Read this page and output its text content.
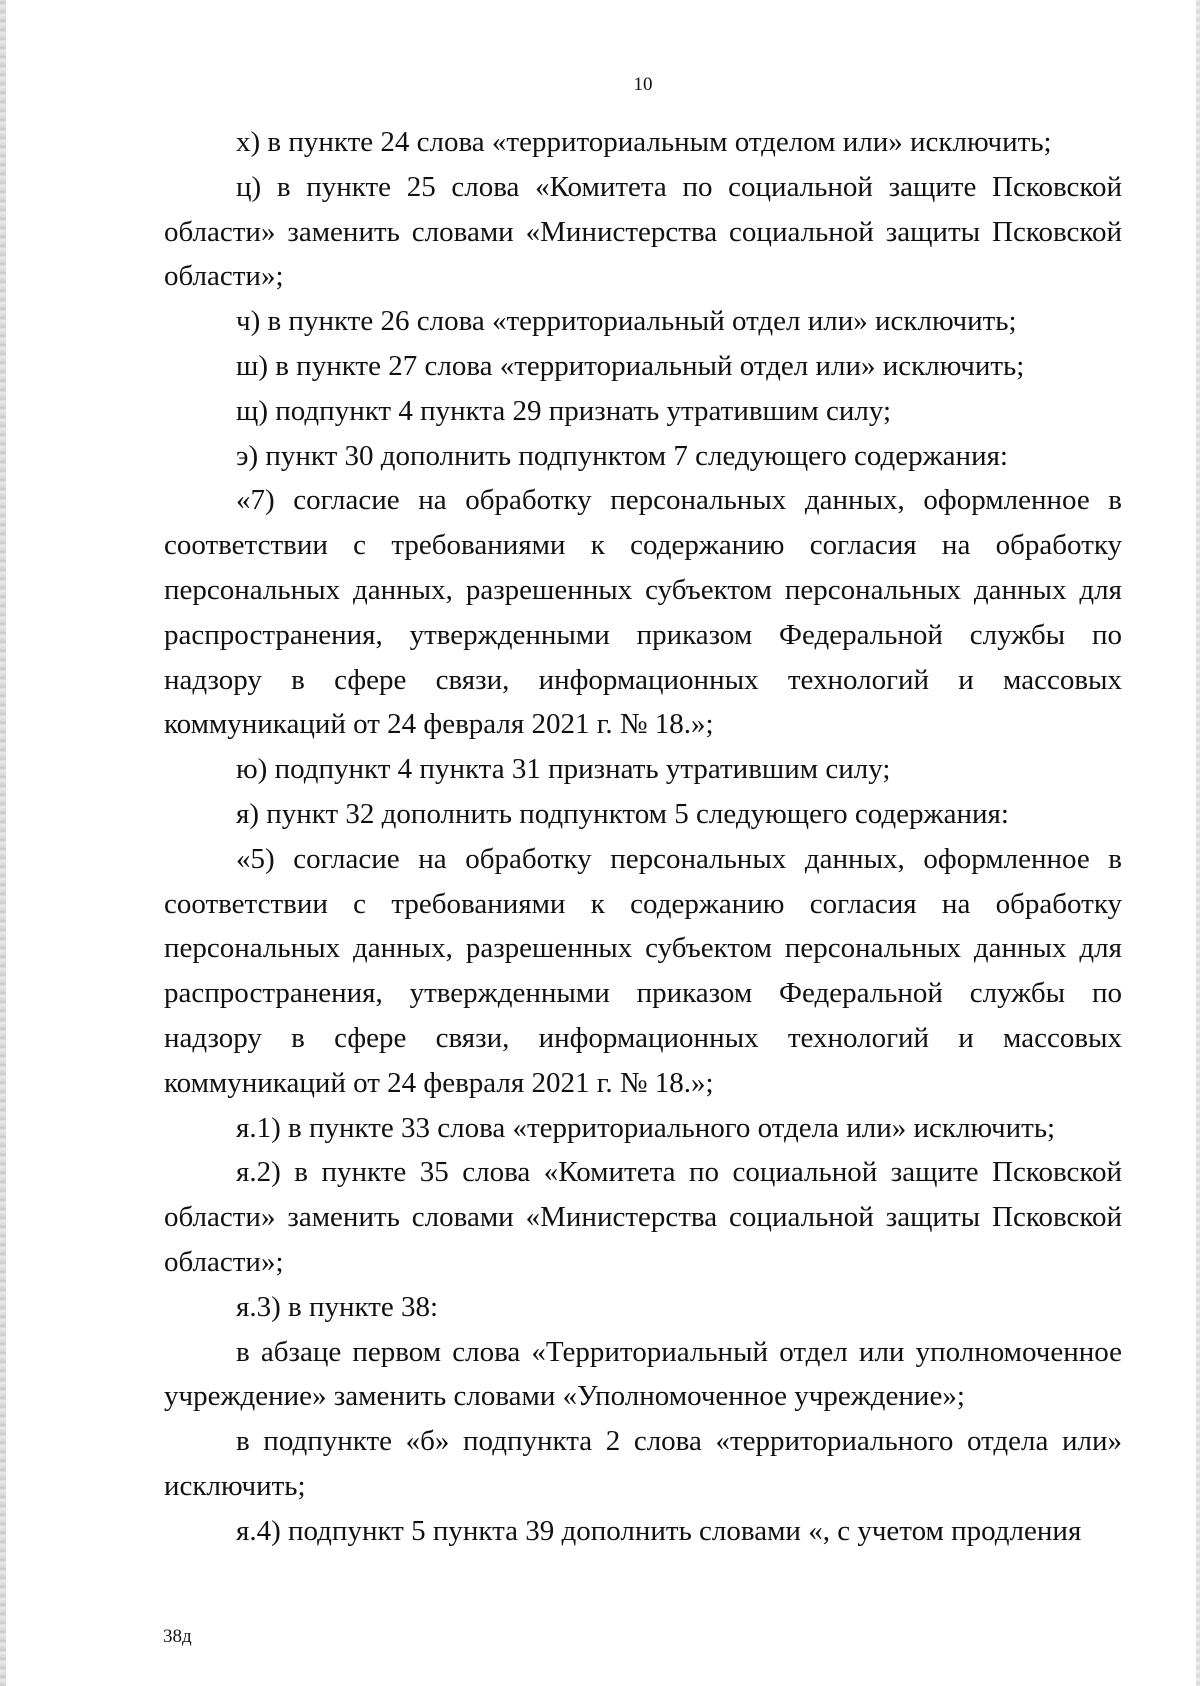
10

х) в пункте 24 слова «территориальным отделом или» исключить;

ц) в пункте 25 слова «Комитета по социальной защите Псковской области» заменить словами «Министерства социальной защиты Псковской области»;

ч) в пункте 26 слова «территориальный отдел или» исключить;

ш) в пункте 27 слова «территориальный отдел или» исключить;

щ) подпункт 4 пункта 29 признать утратившим силу;

э) пункт 30 дополнить подпунктом 7 следующего содержания:

«7) согласие на обработку персональных данных, оформленное в соответствии с требованиями к содержанию согласия на обработку персональных данных, разрешенных субъектом персональных данных для распространения, утвержденными приказом Федеральной службы по надзору в сфере связи, информационных технологий и массовых коммуникаций от 24 февраля 2021 г. № 18.»;

ю) подпункт 4 пункта 31 признать утратившим силу;

я) пункт 32 дополнить подпунктом 5 следующего содержания:

«5) согласие на обработку персональных данных, оформленное в соответствии с требованиями к содержанию согласия на обработку персональных данных, разрешенных субъектом персональных данных для распространения, утвержденными приказом Федеральной службы по надзору в сфере связи, информационных технологий и массовых коммуникаций от 24 февраля 2021 г. № 18.»;

я.1) в пункте 33 слова «территориального отдела или» исключить;

я.2) в пункте 35 слова «Комитета по социальной защите Псковской области» заменить словами «Министерства социальной защиты Псковской области»;

я.3) в пункте 38:

в абзаце первом слова «Территориальный отдел или уполномоченное учреждение» заменить словами «Уполномоченное учреждение»;

в подпункте «б» подпункта 2 слова «территориального отдела или» исключить;

я.4) подпункт 5 пункта 39 дополнить словами «, с учетом продления

38д
